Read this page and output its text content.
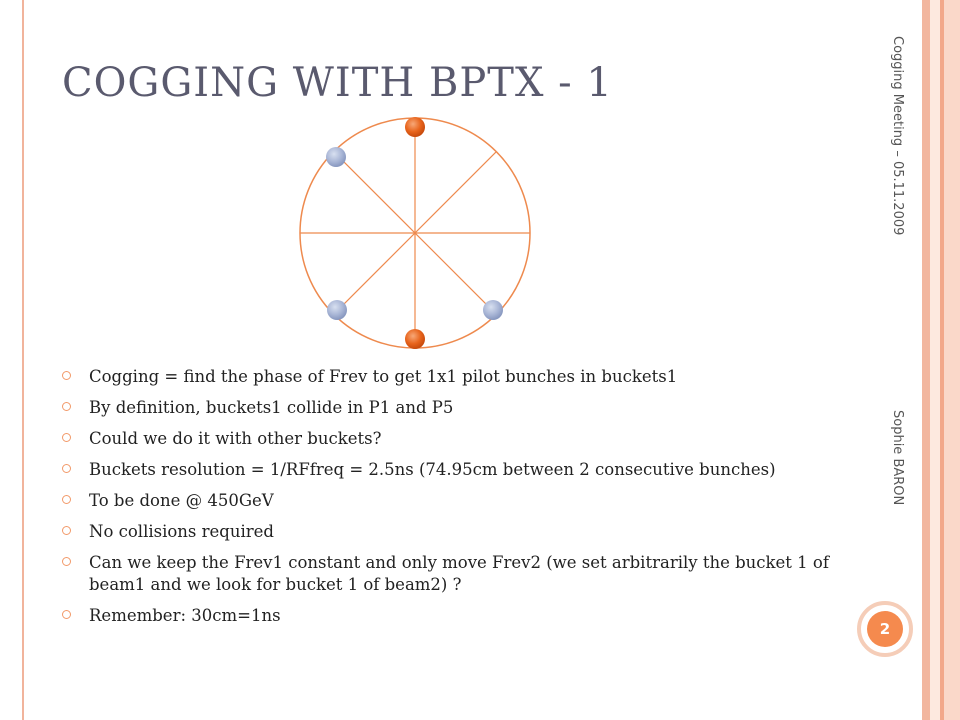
COGGING WITH BPTX - 1
Cogging = find the phase of Frev to get 1x1 pilot bunches in buckets1
By definition, buckets1 collide in P1 and P5
Could we do it with other buckets?
Buckets resolution = 1/RFfreq = 2.5ns (74.95cm between 2 consecutive bunches)
To be done @ 450GeV
No collisions required
Can we keep the Frev1 constant and only move Frev2 (we set arbitrarily the bucket 1 of beam1 and we look for bucket 1 of beam2) ?
Remember: 30cm=1ns
Cogging Meeting – 05.11.2009
Sophie BARON
2
